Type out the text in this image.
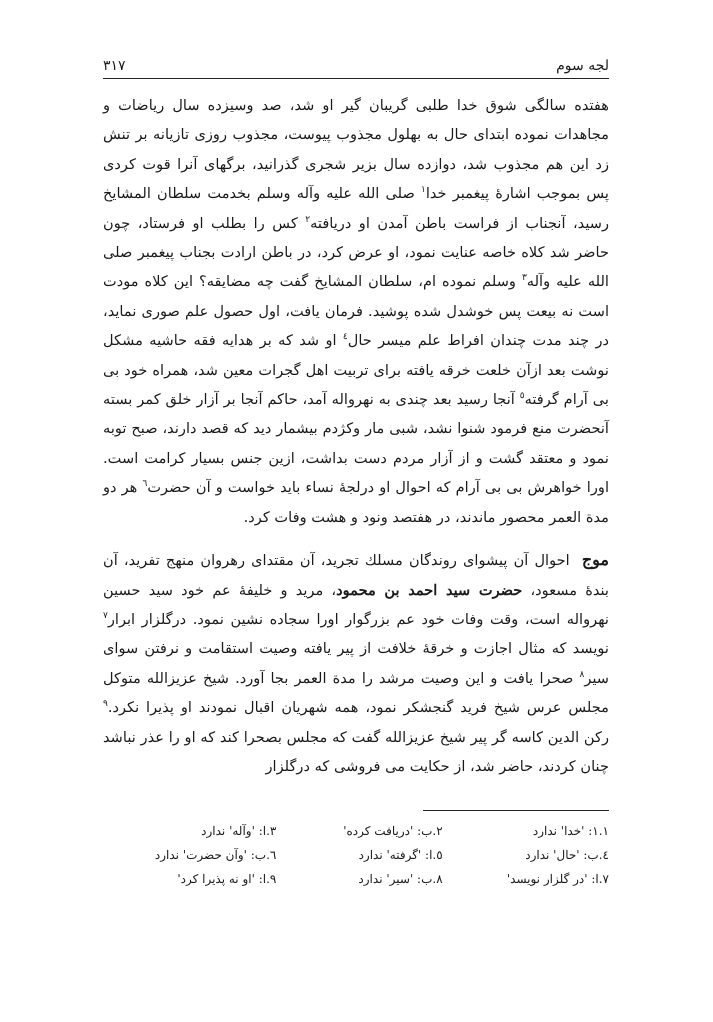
لجه سوم
٣١٧

هفتده سالگی شوق خدا طلبی گریبان گیر او شد، صد وسیزده سال ریاضات و مجاهدات نموده ابتدای حال به بهلول مجذوب پیوست، مجذوب روزی تازیانه بر تنش زد این هم مجذوب شد، دوازده سال بزیر شجری گذرانید، برگهای آنرا قوت کردی پس بموجب اشارهٔ پیغمبر خدا$^١$ صلی الله علیه وآله وسلم بخدمت سلطان المشایخ رسید، آنجناب از فراست باطن آمدن او دریافته$^٢$ کس را بطلب او فرستاد، چون حاضر شد کلاه خاصه عنایت نمود، او عرض کرد، در باطن ارادت بجناب پیغمبر صلی الله علیه وآله$^٣$ وسلم نموده ام، سلطان المشایخ گفت چه مضایقه؟ این کلاه مودت است نه بیعت پس خوشدل شده پوشید. فرمان یافت، اول حصول علم صوری نماید، در چند مدت چندان افراط علم میسر حال$^٤$ او شد که بر هدایه فقه حاشیه مشکل نوشت بعد ازآن خلعت خرقه یافته برای تربیت اهل گجرات معین شد، همراه خود بی بی آرام گرفته$^٥$ آنجا رسید بعد چندی به نهرواله آمد، حاکم آنجا بر آزار خلق کمر بسته آنحضرت منع فرمود شنوا نشد، شبی مار وکژدم بیشمار دید که قصد دارند، صبح توبه نمود و معتقد گشت و از آزار مردم دست بداشت، ازین جنس بسیار کرامت است. اورا خواهرش بی بی آرام که احوال او درلجهٔ نساء باید خواست و آن حضرت$^٦$ هر دو مدة العمر محصور ماندند، در هفتصد ونود و هشت وفات کرد.

موج احوال آن پیشوای روندگان مسلك تجرید، آن مقتدای رهروان منهج تفرید، آن بندهٔ مسعود، حضرت سید احمد بن محمود، مرید و خلیفهٔ عم خود سید حسین نهرواله است، وقت وفات خود عم بزرگوار اورا سجاده نشین نمود. درگلزار ابرار$^٧$ نویسد که مثال اجازت و خرقهٔ خلافت از پیر یافته وصیت استقامت و نرفتن سوای سیر$^٨$ صحرا یافت و این وصیت مرشد را مدة العمر بجا آورد. شیخ عزیزالله متوکل مجلس عرس شیخ فرید گنجشکر نمود، همه شهریان اقبال نمودند او پذیرا نکرد.$^٩$ رکن الدین کاسه گر پیر شیخ عزیزالله گفت که مجلس بصحرا کند که او را عذر نباشد چنان کردند، حاضر شد، از حکایت می فروشی که درگلزار

١.١: 'خدا' ندارد
٢.ب: 'دریافت کرده'
٣.ا: 'وآله' ندارد
٤.ب: 'حال' ندارد
٥.ا: 'گرفته' ندارد
٦.ب: 'وآن حضرت' ندارد
٧.ا: 'در گلزار نویسد'
٨.ب: 'سیر' ندارد
٩.ا: 'او نه پذیرا کرد'
